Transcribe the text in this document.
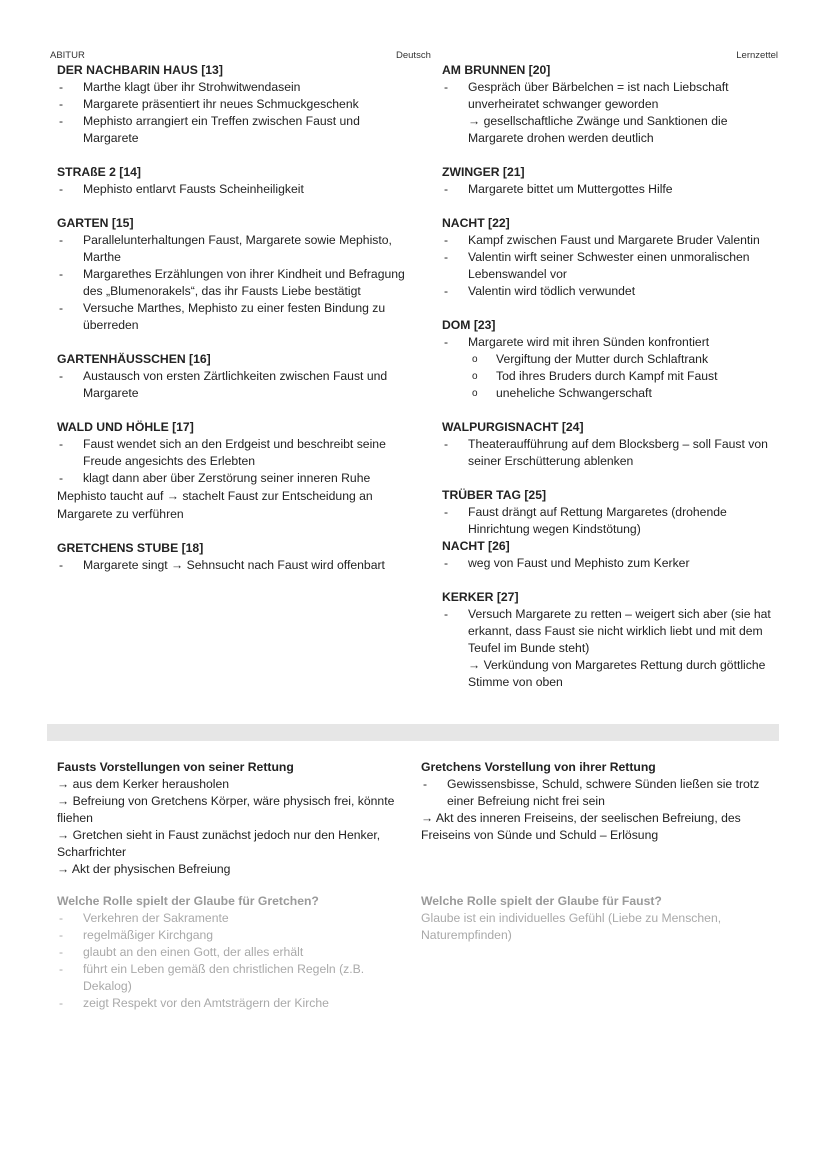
ABITUR	Deutsch	Lernzettel
DER NACHBARIN HAUS [13]
- Marthe klagt über ihr Strohwitwendasein
- Margarete präsentiert ihr neues Schmuckgeschenk
- Mephisto arrangiert ein Treffen zwischen Faust und Margarete
STRAßE 2 [14]
- Mephisto entlarvt Fausts Scheinheiligkeit
GARTEN [15]
- Parallelunterhaltungen Faust, Margarete sowie Mephisto, Marthe
- Margarethes Erzählungen von ihrer Kindheit und Befragung des „Blumenorakels“, das ihr Fausts Liebe bestätigt
- Versuche Marthes, Mephisto zu einer festen Bindung zu überreden
GARTENHÄUSSCHEN [16]
- Austausch von ersten Zärtlichkeiten zwischen Faust und Margarete
WALD UND HÖHLE [17]
- Faust wendet sich an den Erdgeist und beschreibt seine Freude angesichts des Erlebten
- klagt dann aber über Zerstörung seiner inneren Ruhe
Mephisto taucht auf → stachelt Faust zur Entscheidung an Margarete zu verführen
GRETCHENS STUBE [18]
- Margarete singt → Sehnsucht nach Faust wird offenbart
AM BRUNNEN [20]
- Gespräch über Bärbelchen = ist nach Liebschaft unverheiratet schwanger geworden
→ gesellschaftliche Zwänge und Sanktionen die Margarete drohen werden deutlich
ZWINGER [21]
- Margarete bittet um Muttergottes Hilfe
NACHT [22]
- Kampf zwischen Faust und Margarete Bruder Valentin
- Valentin wirft seiner Schwester einen unmoralischen Lebenswandel vor
- Valentin wird tödlich verwundet
DOM [23]
- Margarete wird mit ihren Sünden konfrontiert
o Vergiftung der Mutter durch Schlaftrank
o Tod ihres Bruders durch Kampf mit Faust
o uneheliche Schwangerschaft
WALPURGISNACHT [24]
- Theateraufführung auf dem Blocksberg – soll Faust von seiner Erschütterung ablenken
TRÜBER TAG [25]
- Faust drängt auf Rettung Margaretes (drohende Hinrichtung wegen Kindstötung)
NACHT [26]
- weg von Faust und Mephisto zum Kerker
KERKER [27]
- Versuch Margarete zu retten – weigert sich aber (sie hat erkannt, dass Faust sie nicht wirklich liebt und mit dem Teufel im Bunde steht)
→ Verkündung von Margaretes Rettung durch göttliche Stimme von oben
Fausts Vorstellungen von seiner Rettung
→ aus dem Kerker herausholen
→ Befreiung von Gretchens Körper, wäre physisch frei, könnte fliehen
→ Gretchen sieht in Faust zunächst jedoch nur den Henker, Scharfrichter
→ Akt der physischen Befreiung
Gretchens Vorstellung von ihrer Rettung
- Gewissensbisse, Schuld, schwere Sünden ließen sie trotz einer Befreiung nicht frei sein
→ Akt des inneren Freiseins, der seelischen Befreiung, des Freiseins von Sünde und Schuld – Erlösung
Welche Rolle spielt der Glaube für Gretchen?
- Verkehren der Sakramente
- regelmäßiger Kirchgang
- glaubt an den einen Gott, der alles erhält
- führt ein Leben gemäß den christlichen Regeln (z.B. Dekalog)
- zeigt Respekt vor den Amtsträgern der Kirche
Welche Rolle spielt der Glaube für Faust?
Glaube ist ein individuelles Gefühl (Liebe zu Menschen, Naturempfinden)
